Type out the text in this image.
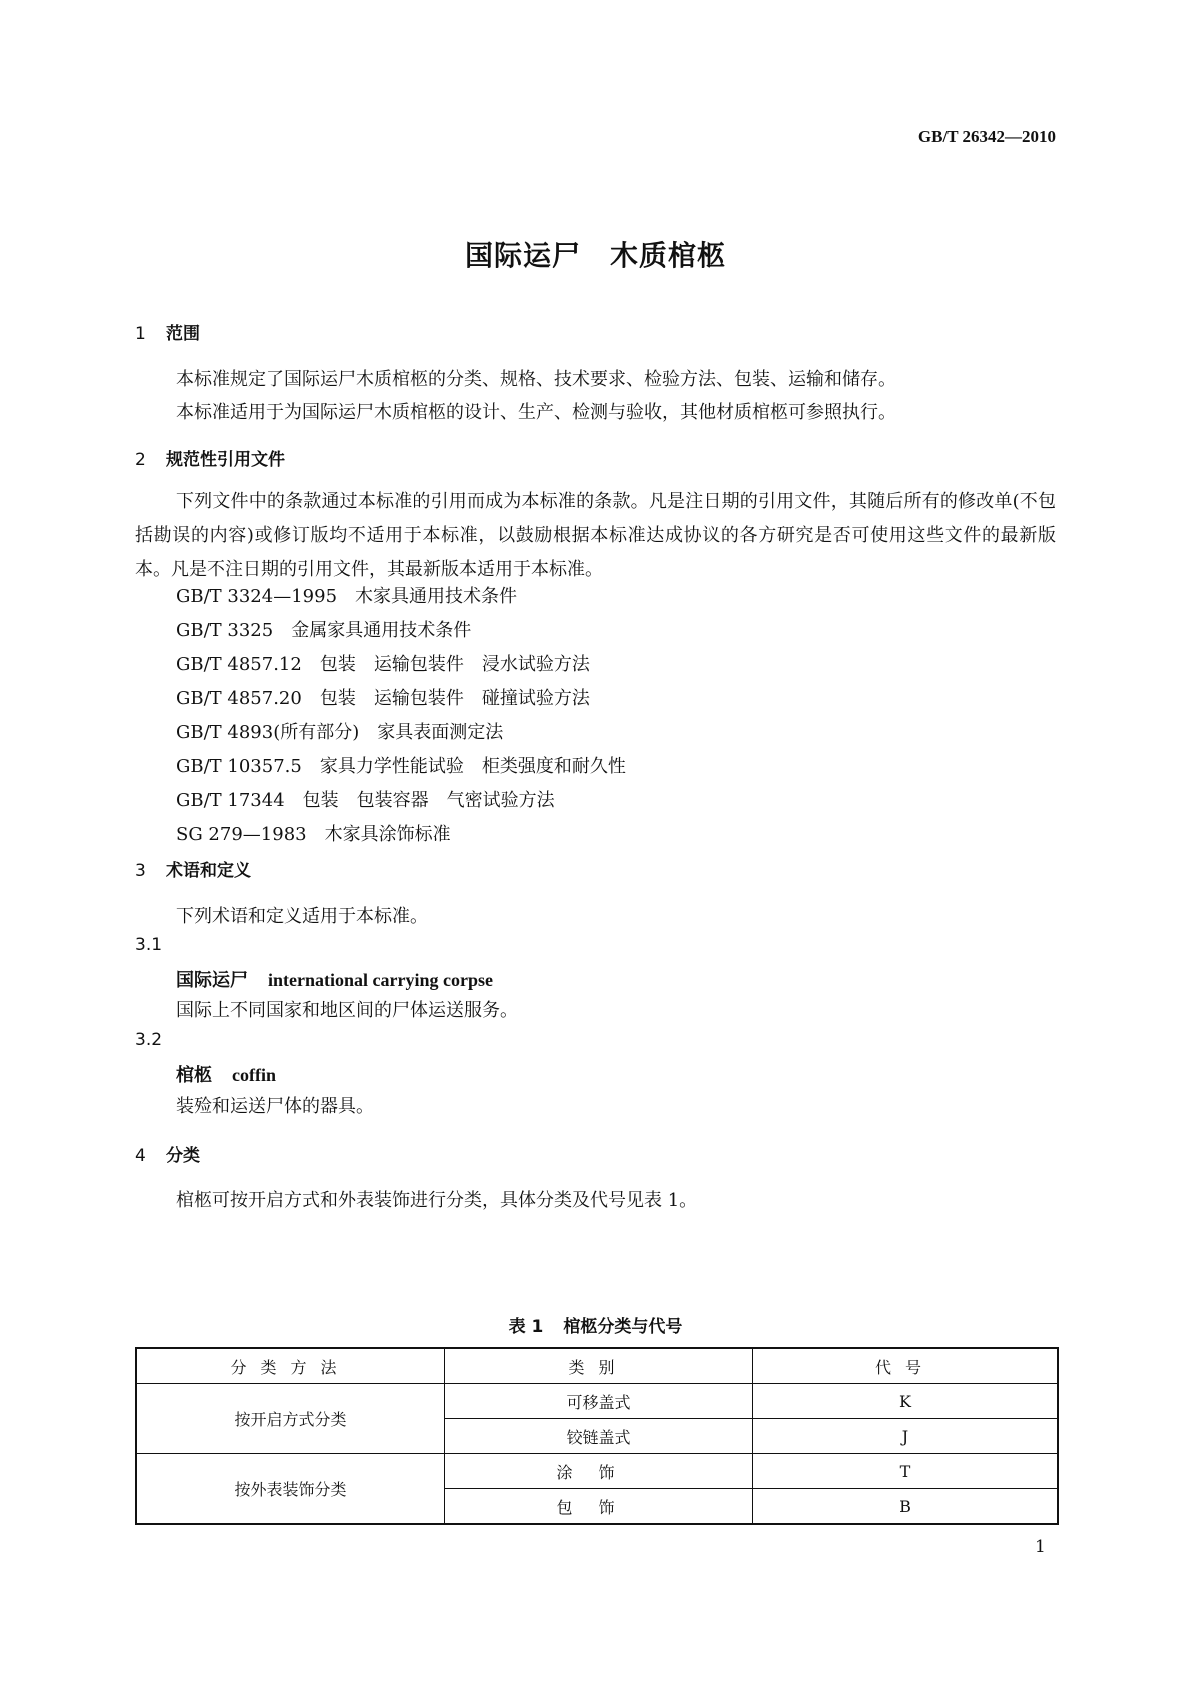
GB/T 26342—2010
国际运尸　木质棺柩
1 范围
本标准规定了国际运尸木质棺柩的分类、规格、技术要求、检验方法、包装、运输和储存。
本标准适用于为国际运尸木质棺柩的设计、生产、检测与验收，其他材质棺柩可参照执行。
2 规范性引用文件
下列文件中的条款通过本标准的引用而成为本标准的条款。凡是注日期的引用文件，其随后所有的修改单(不包括勘误的内容)或修订版均不适用于本标准，以鼓励根据本标准达成协议的各方研究是否可使用这些文件的最新版本。凡是不注日期的引用文件，其最新版本适用于本标准。
GB/T 3324—1995　木家具通用技术条件
GB/T 3325　金属家具通用技术条件
GB/T 4857.12　包装　运输包装件　浸水试验方法
GB/T 4857.20　包装　运输包装件　碰撞试验方法
GB/T 4893(所有部分)　家具表面测定法
GB/T 10357.5　家具力学性能试验　柜类强度和耐久性
GB/T 17344　包装　包装容器　气密试验方法
SG 279—1983　木家具涂饰标准
3 术语和定义
下列术语和定义适用于本标准。
3.1
国际运尸 international carrying corpse
国际上不同国家和地区间的尸体运送服务。
3.2
棺柩 coffin
装殓和运送尸体的器具。
4 分类
棺柩可按开启方式和外表装饰进行分类，具体分类及代号见表 1。
表 1 棺柩分类与代号
分类方法	类别	代号
按开启方式分类	可移盖式	K
	铰链盖式	J
按外表装饰分类	涂饰	T
	包饰	B
1
